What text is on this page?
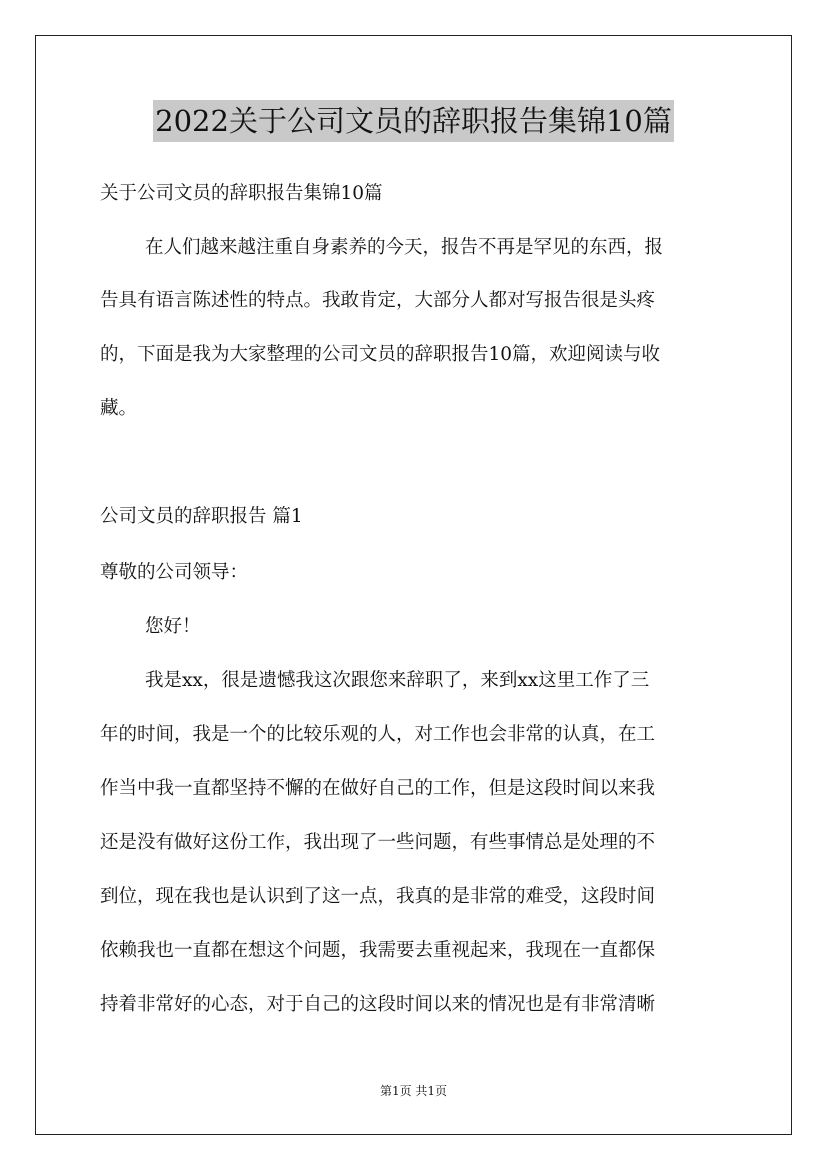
2022关于公司文员的辞职报告集锦10篇
关于公司文员的辞职报告集锦10篇
在人们越来越注重自身素养的今天，报告不再是罕见的东西，报
告具有语言陈述性的特点。我敢肯定，大部分人都对写报告很是头疼
的，下面是我为大家整理的公司文员的辞职报告10篇，欢迎阅读与收
藏。
公司文员的辞职报告 篇1
尊敬的公司领导：
您好！
我是xx，很是遗憾我这次跟您来辞职了，来到xx这里工作了三
年的时间，我是一个的比较乐观的人，对工作也会非常的认真，在工
作当中我一直都坚持不懈的在做好自己的工作，但是这段时间以来我
还是没有做好这份工作，我出现了一些问题，有些事情总是处理的不
到位，现在我也是认识到了这一点，我真的是非常的难受，这段时间
依赖我也一直都在想这个问题，我需要去重视起来，我现在一直都保
持着非常好的心态，对于自己的这段时间以来的情况也是有非常清晰
第1页 共1页
